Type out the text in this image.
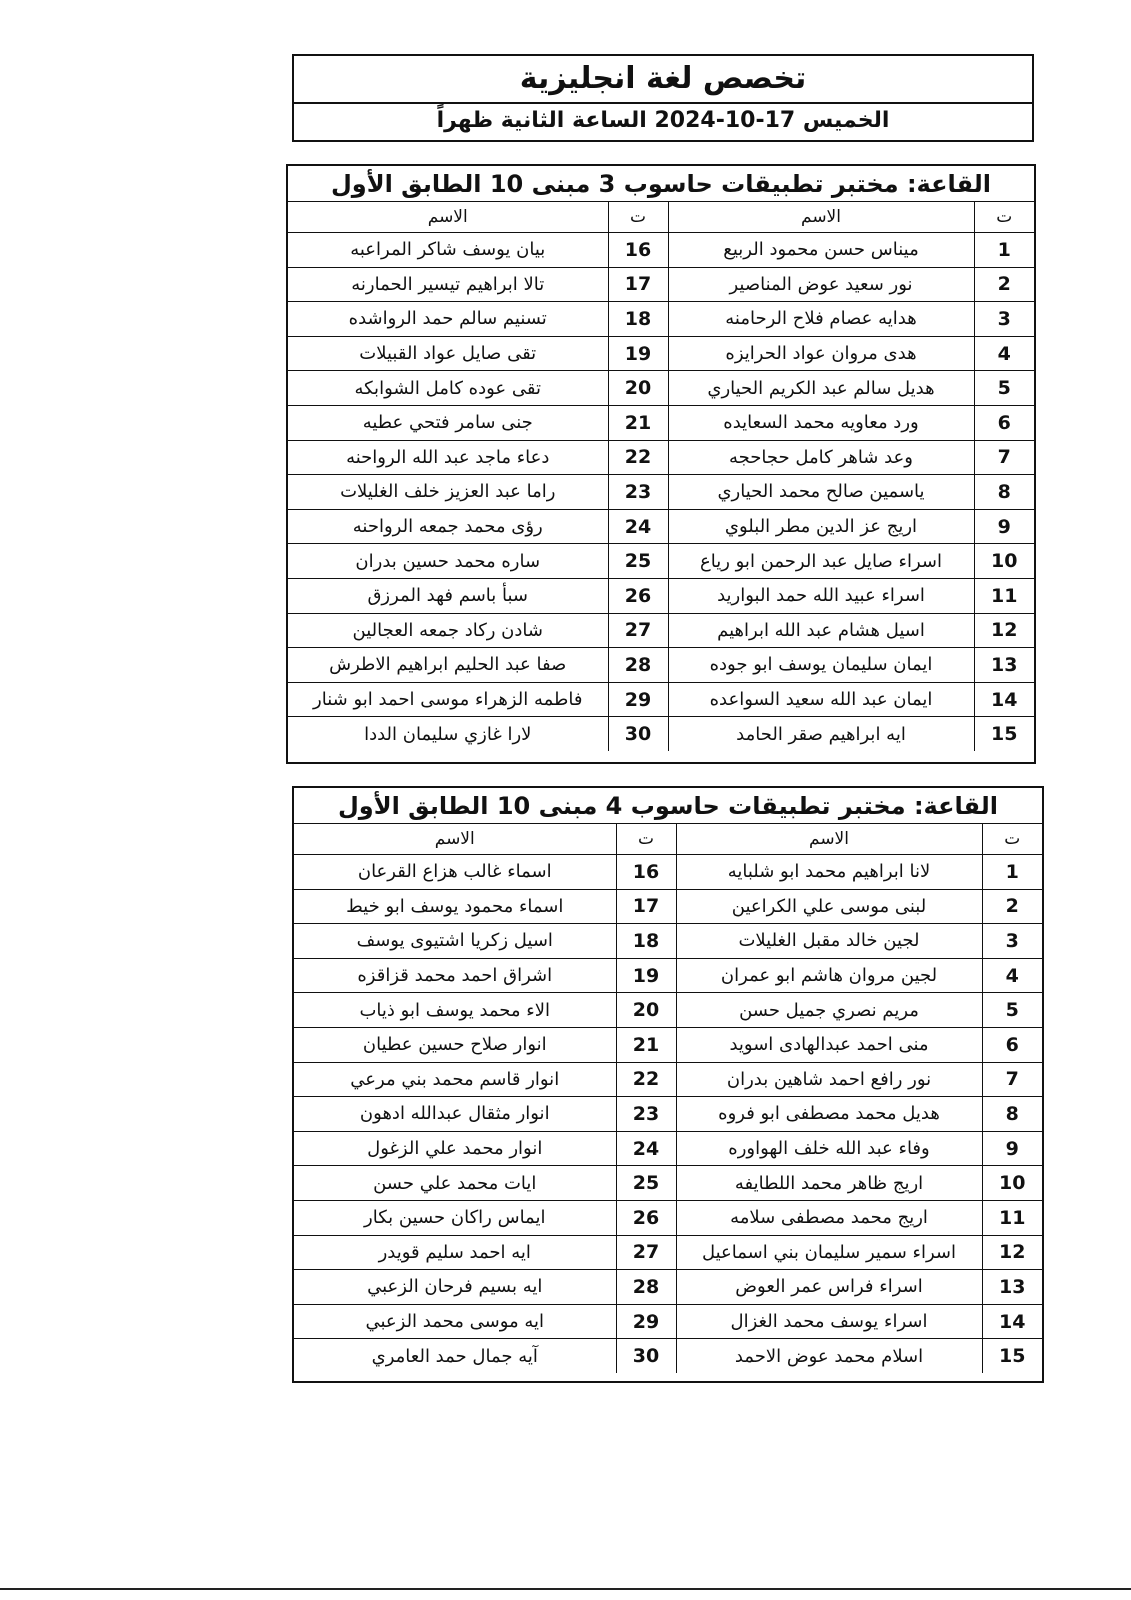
تخصص لغة انجليزية
الخميس 17-10-2024 الساعة الثانية ظهراً
القاعة: مختبر تطبيقات حاسوب 3 مبنى 10 الطابق الأول
ت	الاسم	ت	الاسم
1	ميناس حسن محمود الربيع	16	بيان يوسف شاكر المراعبه
2	نور سعيد عوض المناصير	17	تالا ابراهيم تيسير الحمارنه
3	هدايه عصام فلاح الرحامنه	18	تسنيم سالم حمد الرواشده
4	هدى مروان عواد الحرايزه	19	تقى صايل عواد القبيلات
5	هديل سالم عبد الكريم الحياري	20	تقى عوده كامل الشوابكه
6	ورد معاويه محمد السعايده	21	جنى سامر فتحي عطيه
7	وعد شاهر كامل حجاحجه	22	دعاء ماجد عبد الله الرواحنه
8	ياسمين صالح محمد الحياري	23	راما عبد العزيز خلف الغليلات
9	اريج عز الدين مطر البلوي	24	رؤى محمد جمعه الرواحنه
10	اسراء صايل عبد الرحمن ابو رياع	25	ساره محمد حسين بدران
11	اسراء عبيد الله حمد البواريد	26	سبأ باسم فهد المرزق
12	اسيل هشام عبد الله ابراهيم	27	شادن ركاد جمعه العجالين
13	ايمان سليمان يوسف ابو جوده	28	صفا عبد الحليم ابراهيم الاطرش
14	ايمان عبد الله سعيد السواعده	29	فاطمه الزهراء موسى احمد ابو شنار
15	ايه ابراهيم صقر الحامد	30	لارا غازي سليمان الددا
القاعة: مختبر تطبيقات حاسوب 4 مبنى 10 الطابق الأول
ت	الاسم	ت	الاسم
1	لانا ابراهيم محمد ابو شلبايه	16	اسماء غالب هزاع القرعان
2	لبنى موسى علي الكراعين	17	اسماء محمود يوسف ابو خيط
3	لجين خالد مقبل الغليلات	18	اسيل زكريا اشتيوى يوسف
4	لجين مروان هاشم ابو عمران	19	اشراق احمد محمد قزاقزه
5	مريم نصري جميل حسن	20	الاء محمد يوسف ابو ذياب
6	منى احمد عبدالهادى اسويد	21	انوار صلاح حسين عطيان
7	نور رافع احمد شاهين بدران	22	انوار قاسم محمد بني مرعي
8	هديل محمد مصطفى ابو فروه	23	انوار مثقال عبدالله ادهون
9	وفاء عبد الله خلف الهواوره	24	انوار محمد علي الزغول
10	اريج ظاهر محمد اللطايفه	25	ايات محمد علي حسن
11	اريج محمد مصطفى سلامه	26	ايماس راكان حسين بكار
12	اسراء سمير سليمان بني اسماعيل	27	ايه احمد سليم قويدر
13	اسراء فراس عمر العوض	28	ايه بسيم فرحان الزعبي
14	اسراء يوسف محمد الغزال	29	ايه موسى محمد الزعبي
15	اسلام محمد عوض الاحمد	30	آيه جمال حمد العامري
